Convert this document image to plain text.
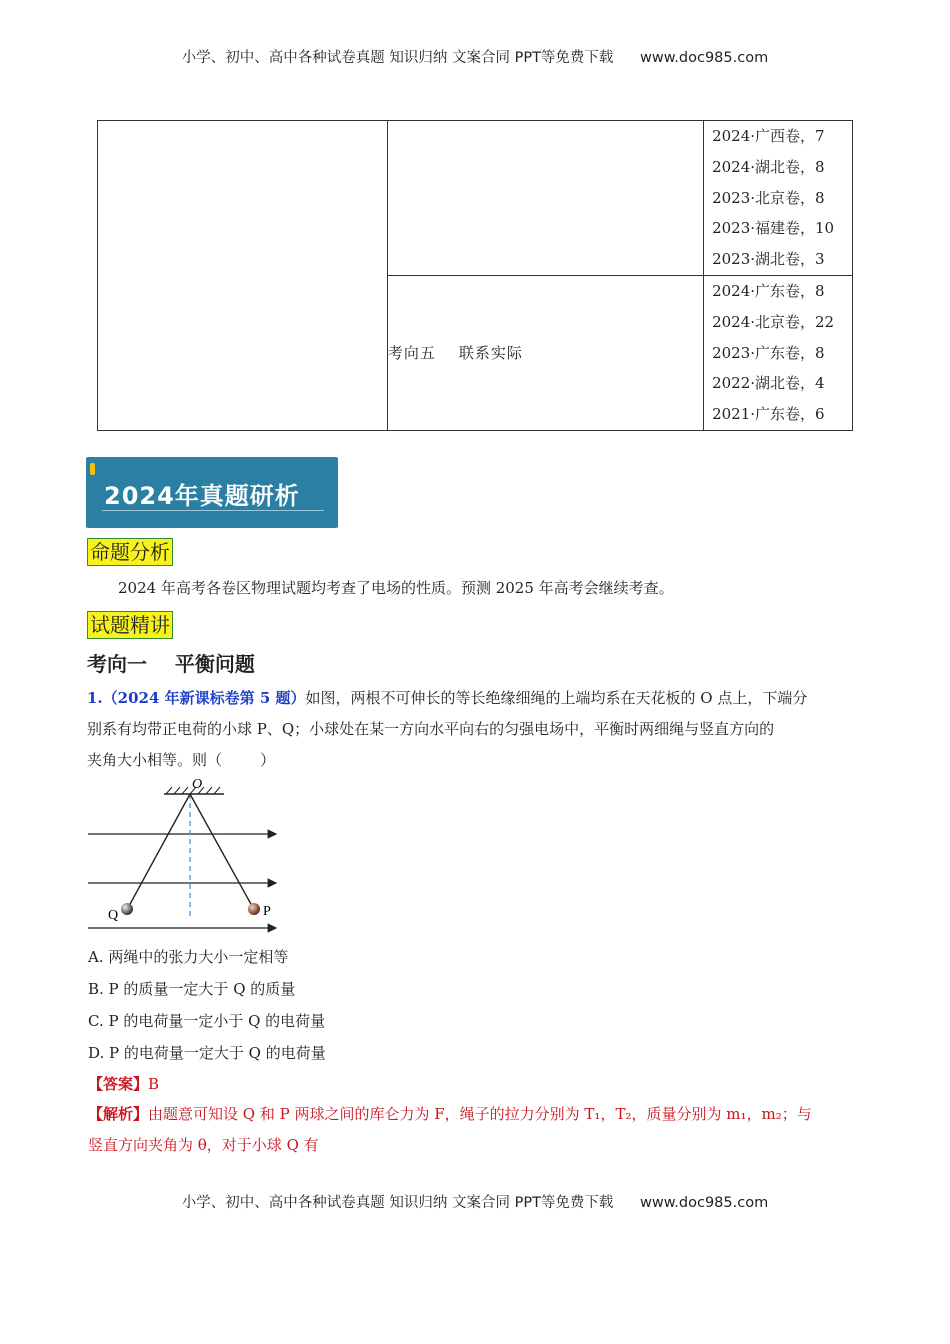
小学、初中、高中各种试卷真题 知识归纳 文案合同 PPT等免费下载 www.doc985.com

		2024·广西卷，7
2024·湖北卷，8
2023·北京卷，8
2023·福建卷，10
2023·湖北卷，3

	考向五    联系实际	2024·广东卷，8
2024·北京卷，22
2023·广东卷，8
2022·湖北卷，4
2021·广东卷，6
2024年真题研析
命题分析
2024 年高考各卷区物理试题均考查了电场的性质。预测 2025 年高考会继续考查。
试题精讲
考向一    平衡问题
1.（2024 年新课标卷第 5 题）如图，两根不可伸长的等长绝缘细绳的上端均系在天花板的 O 点上，下端分
别系有均带正电荷的小球 P、Q；小球处在某一方向水平向右的匀强电场中，平衡时两细绳与竖直方向的
夹角大小相等。则（        ）
O
Q	P
A. 两绳中的张力大小一定相等
B. P 的质量一定大于 Q 的质量
C. P 的电荷量一定小于 Q 的电荷量
D. P 的电荷量一定大于 Q 的电荷量
【答案】B
【解析】由题意可知设 Q 和 P 两球之间的库仑力为 F，绳子的拉力分别为 T₁，T₂，质量分别为 m₁，m₂；与
竖直方向夹角为 θ，对于小球 Q 有
小学、初中、高中各种试卷真题 知识归纳 文案合同 PPT等免费下载 www.doc985.com
